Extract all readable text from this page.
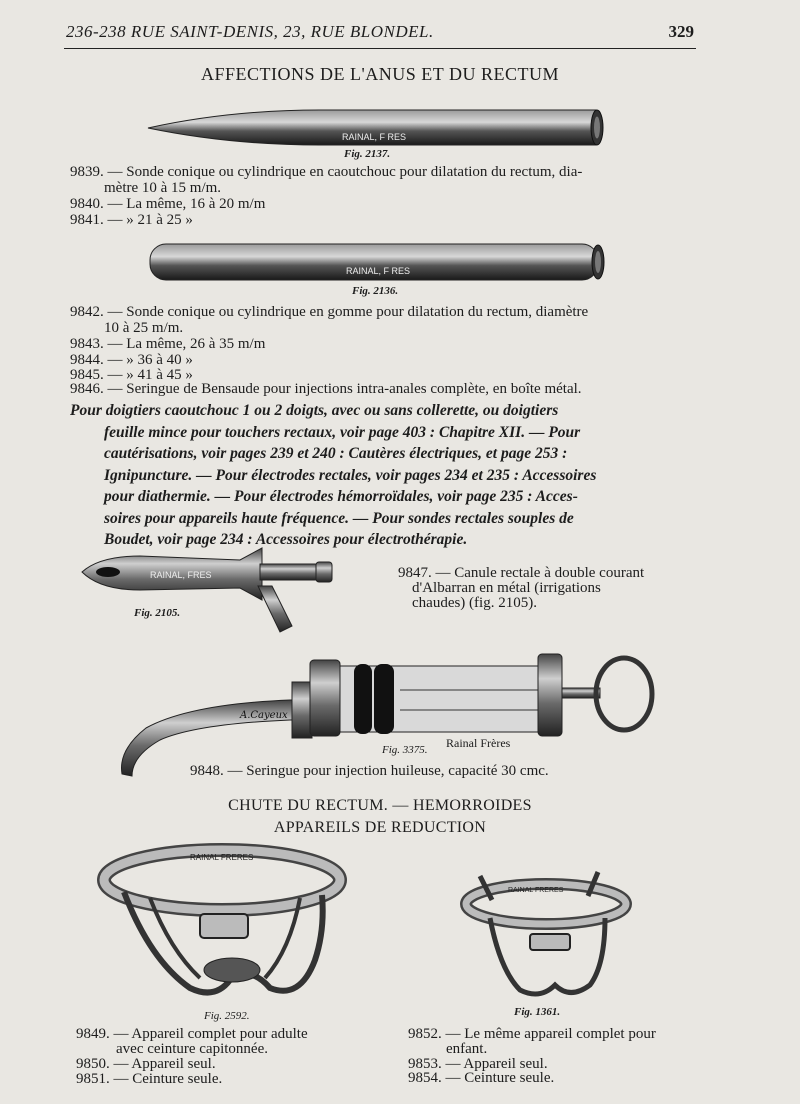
236-238 RUE SAINT-DENIS, 23, RUE BLONDEL.	329
AFFECTIONS DE L'ANUS ET DU RECTUM
RAINAL, F RES
RAINAL, F RES
RAINAL, FRES
A.Cayeux
RAINAL FRERES
RAINAL FRERES
Fig. 2137.
9839. — Sonde conique ou cylindrique en caoutchouc pour dilatation du rectum, dia-
mètre 10 à 15 m/m.
9840. — La même, 16 à 20 m/m
9841. — » 21 à 25 »
Fig. 2136.
9842. — Sonde conique ou cylindrique en gomme pour dilatation du rectum, diamètre
10 à 25 m/m.
9843. — La même, 26 à 35 m/m
9844. — » 36 à 40 »
9845. — » 41 à 45 »
9846. — Seringue de Bensaude pour injections intra-anales complète, en boîte métal.
Pour doigtiers caoutchouc 1 ou 2 doigts, avec ou sans collerette, ou doigtiers
feuille mince pour touchers rectaux, voir page 403 : Chapitre XII. — Pour
cautérisations, voir pages 239 et 240 : Cautères électriques, et page 253 :
Ignipuncture. — Pour électrodes rectales, voir pages 234 et 235 : Accessoires
pour diathermie. — Pour électrodes hémorroïdales, voir page 235 : Acces-
soires pour appareils haute fréquence. — Pour sondes rectales souples de
Boudet, voir page 234 : Accessoires pour électrothérapie.
Fig. 2105.
9847. — Canule rectale à double courant
d'Albarran en métal (irrigations
chaudes) (fig. 2105).
Rainal Frères
Fig. 3375.
9848. — Seringue pour injection huileuse, capacité 30 cmc.
CHUTE DU RECTUM. — HEMORROIDES
APPAREILS DE REDUCTION
Fig. 2592.	Fig. 1361.
9849. — Appareil complet pour adulte
avec ceinture capitonnée.
9850. — Appareil seul.
9851. — Ceinture seule.
9852. — Le même appareil complet pour
enfant.
9853. — Appareil seul.
9854. — Ceinture seule.
